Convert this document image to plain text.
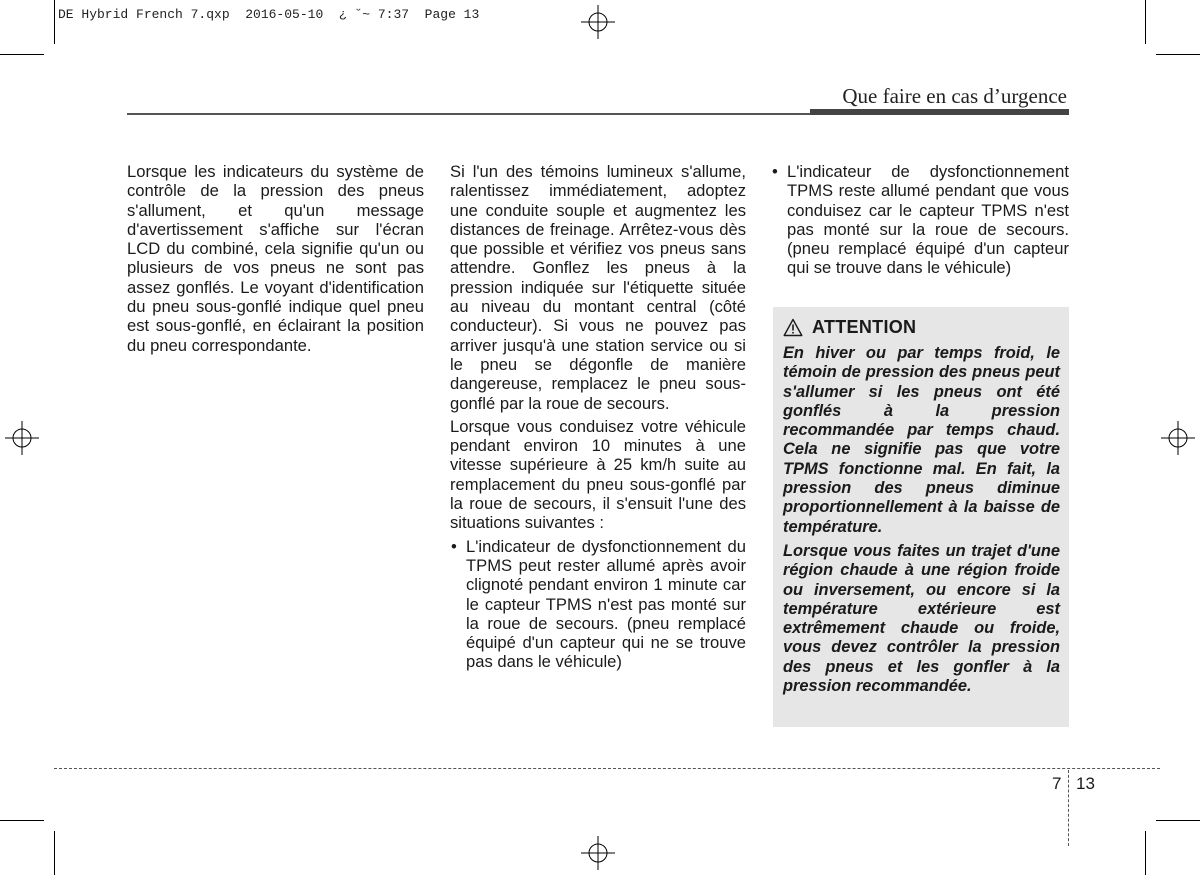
DE Hybrid French 7.qxp  2016-05-10  ¿ ˘~ 7:37  Page 13
Que faire en cas d’urgence

Lorsque les indicateurs du système de contrôle de la pression des pneus s'allument, et qu'un message d'avertissement s'affiche sur l'écran LCD du combiné, cela signifie qu'un ou plusieurs de vos pneus ne sont pas assez gonflés. Le voyant d'identification du pneu sous-gonflé indique quel pneu est sous-gonflé, en éclairant la position du pneu correspondante.

Si l'un des témoins lumineux s'allume, ralentissez immédiatement, adoptez une conduite souple et augmentez les distances de freinage. Arrêtez-vous dès que possible et vérifiez vos pneus sans attendre. Gonflez les pneus à la pression indiquée sur l'étiquette située au niveau du montant central (côté conducteur). Si vous ne pouvez pas arriver jusqu'à une station service ou si le pneu se dégonfle de manière dangereuse, remplacez le pneu sous-gonflé par la roue de secours.

Lorsque vous conduisez votre véhicule pendant environ 10 minutes à une vitesse supérieure à 25 km/h suite au remplacement du pneu sous-gonflé par la roue de secours, il s'ensuit l'une des situations suivantes :

• L'indicateur de dysfonctionnement du TPMS peut rester allumé après avoir clignoté pendant environ 1 minute car le capteur TPMS n'est pas monté sur la roue de secours. (pneu remplacé équipé d'un capteur qui ne se trouve pas dans le véhicule)
• L'indicateur de dysfonctionnement TPMS reste allumé pendant que vous conduisez car le capteur TPMS n'est pas monté sur la roue de secours. (pneu remplacé équipé d'un capteur qui se trouve dans le véhicule)
ATTENTION

En hiver ou par temps froid, le témoin de pression des pneus peut s'allumer si les pneus ont été gonflés à la pression recommandée par temps chaud. Cela ne signifie pas que votre TPMS fonctionne mal. En fait, la pression des pneus diminue proportionnellement à la baisse de température.

Lorsque vous faites un trajet d'une région chaude à une région froide ou inversement, ou encore si la température extérieure est extrêmement chaude ou froide, vous devez contrôler la pression des pneus et les gonfler à la pression recommandée.

7 13
